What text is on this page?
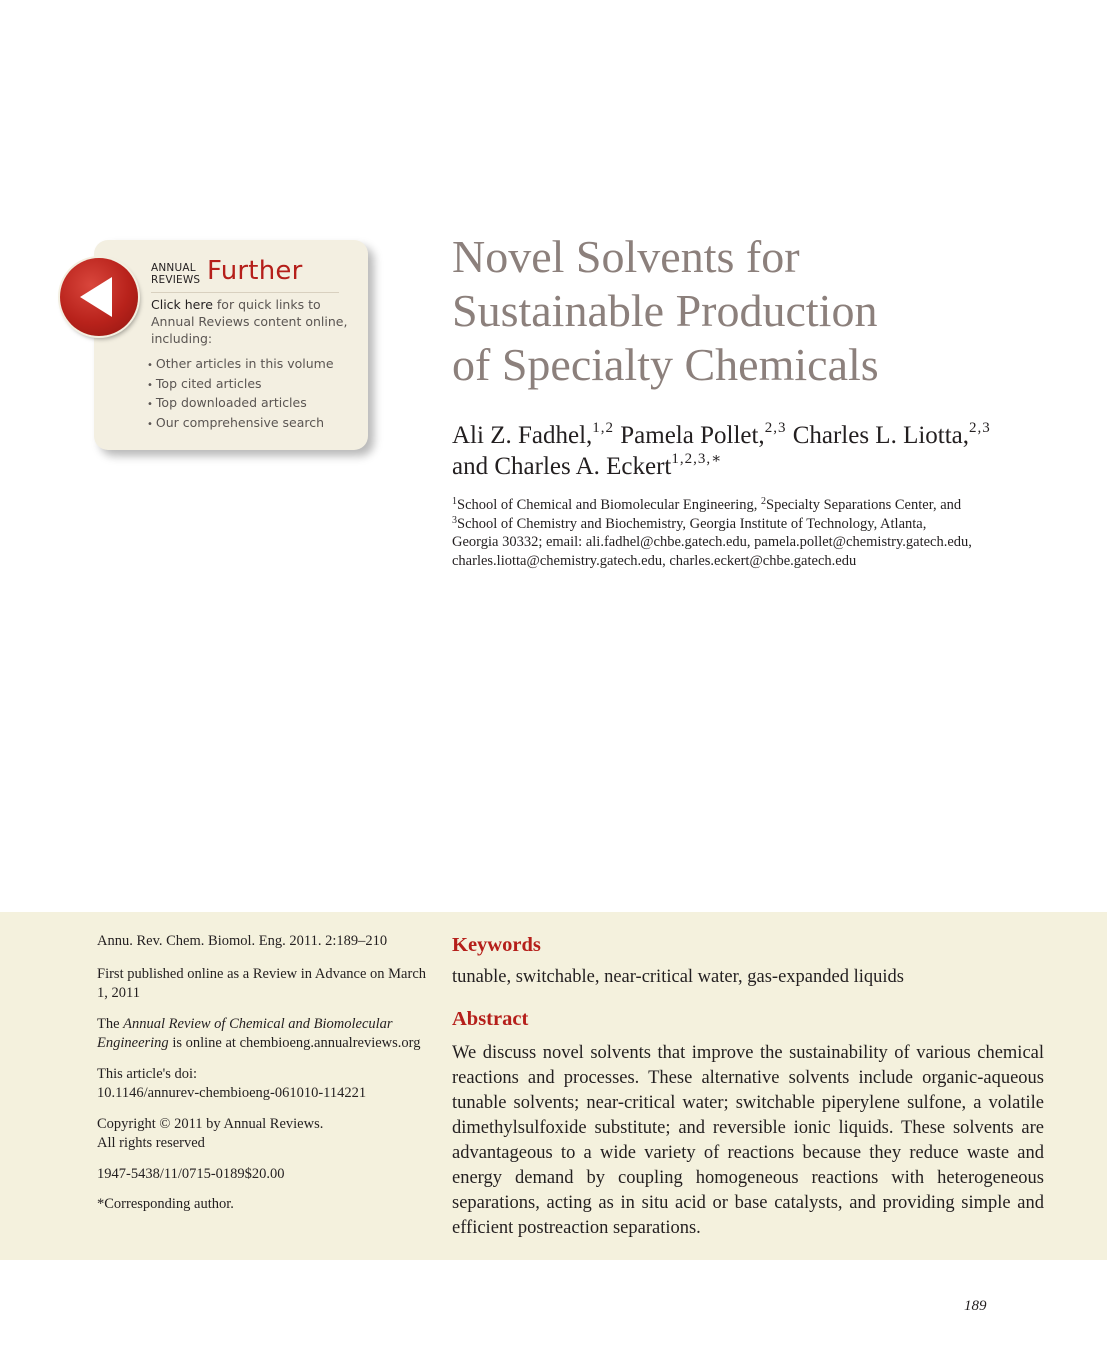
ANNUAL
REVIEWS Further
Click here for quick links to Annual Reviews content online, including:
• Other articles in this volume
• Top cited articles
• Top downloaded articles
• Our comprehensive search
Novel Solvents for
Sustainable Production
of Specialty Chemicals
Ali Z. Fadhel,$^{1,2}$ Pamela Pollet,$^{2,3}$ Charles L. Liotta,$^{2,3}$
and Charles A. Eckert$^{1,2,3,∗}$
$^1$School of Chemical and Biomolecular Engineering, $^2$Specialty Separations Center, and
$^3$School of Chemistry and Biochemistry, Georgia Institute of Technology, Atlanta,
Georgia 30332; email: ali.fadhel@chbe.gatech.edu, pamela.pollet@chemistry.gatech.edu,
charles.liotta@chemistry.gatech.edu, charles.eckert@chbe.gatech.edu

Annu. Rev. Chem. Biomol. Eng. 2011. 2:189–210

First published online as a Review in Advance on March 1, 2011

The Annual Review of Chemical and Biomolecular Engineering is online at chembioeng.annualreviews.org

This article's doi:
10.1146/annurev-chembioeng-061010-114221

Copyright © 2011 by Annual Reviews.
All rights reserved

1947-5438/11/0715-0189$20.00

*Corresponding author.

Keywords
tunable, switchable, near-critical water, gas-expanded liquids
Abstract

We discuss novel solvents that improve the sustainability of various chemical reactions and processes. These alternative solvents include organic-aqueous tunable solvents; near-critical water; switchable piperylene sulfone, a volatile dimethylsulfoxide substitute; and reversible ionic liquids. These solvents are advantageous to a wide variety of reactions because they reduce waste and energy demand by coupling homogeneous reactions with heterogeneous separations, acting as in situ acid or base catalysts, and providing simple and efficient postreaction separations.

189
